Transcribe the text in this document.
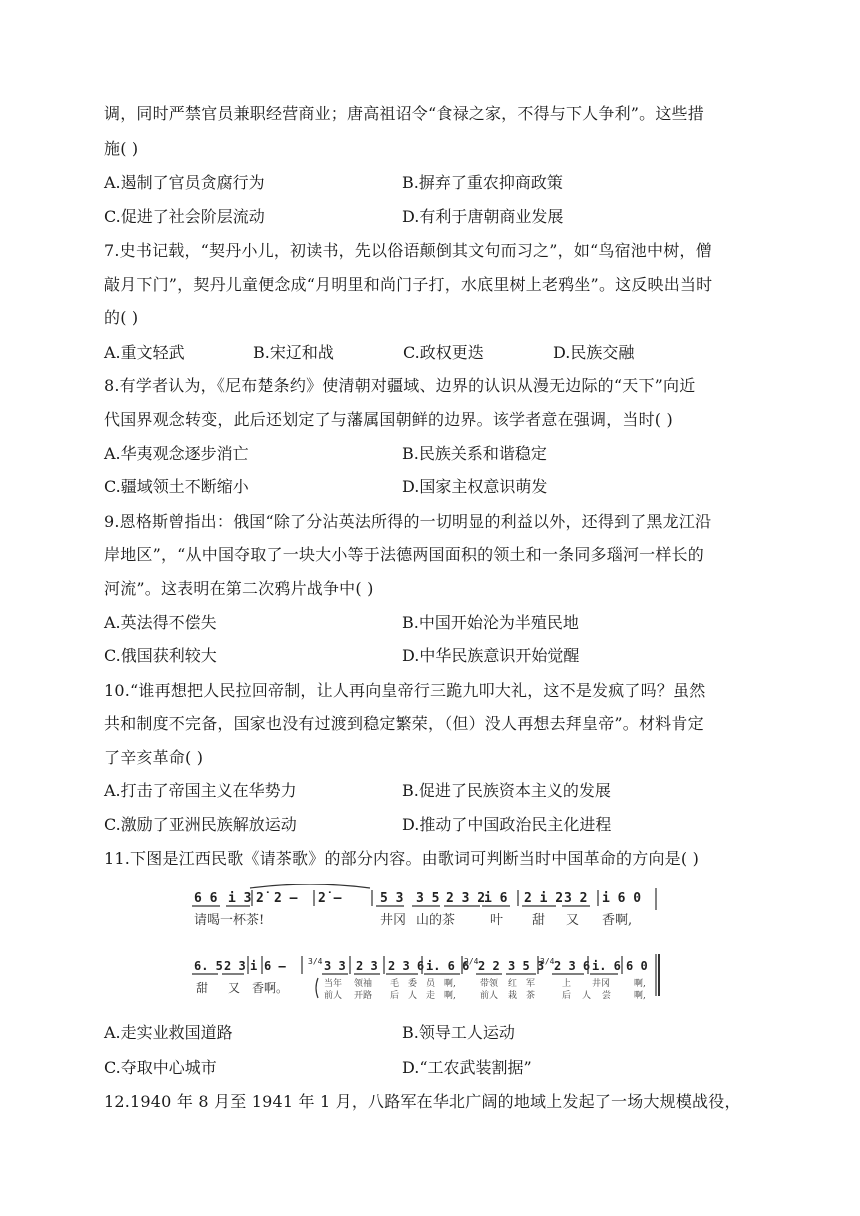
调，同时严禁官员兼职经营商业；唐高祖诏令“食禄之家，不得与下人争利”。这些措
施( )
A.遏制了官员贪腐行为	B.摒弃了重农抑商政策
C.促进了社会阶层流动	D.有利于唐朝商业发展
7.史书记载，“契丹小儿，初读书，先以俗语颠倒其文句而习之”，如“鸟宿池中树，僧
敲月下门”，契丹儿童便念成“月明里和尚门子打，水底里树上老鸦坐”。这反映出当时
的( )
A.重文轻武	B.宋辽和战	C.政权更迭	D.民族交融
8.有学者认为，《尼布楚条约》使清朝对疆域、边界的认识从漫无边际的“天下”向近
代国界观念转变，此后还划定了与藩属国朝鲜的边界。该学者意在强调，当时( )
A.华夷观念逐步消亡	B.民族关系和谐稳定
C.疆域领土不断缩小	D.国家主权意识萌发
9.恩格斯曾指出：俄国“除了分沾英法所得的一切明显的利益以外，还得到了黑龙江沿
岸地区”，“从中国夺取了一块大小等于法德两国面积的领土和一条同多瑙河一样长的
河流”。这表明在第二次鸦片战争中( )
A.英法得不偿失	B.中国开始沦为半殖民地
C.俄国获利较大	D.中华民族意识开始觉醒
10.“谁再想把人民拉回帝制，让人再向皇帝行三跪九叩大礼，这不是发疯了吗？虽然
共和制度不完备，国家也没有过渡到稳定繁荣，（但）没人再想去拜皇帝”。材料肯定
了辛亥革命( )
A.打击了帝国主义在华势力	B.促进了民族资本主义的发展
C.激励了亚洲民族解放运动	D.推动了中国政治民主化进程
11.下图是江西民歌《请茶歌》的部分内容。由歌词可判断当时中国革命的方向是( )
6 6 i 3 2̇ 2 – 2̇ –	5 3 3 5 2 3 2
i 6 2 i 2 3 2 i 6 0
请喝一杯茶!	井冈 山的茶	叶 甜 又 香啊,
6. 5 2 3 i 6 –	3 3 2 3 2 3 6 i. 6 6 2 2 3 5 3 2 3 6 i. 6 6 0
3/4	2/4	3/4
甜 又 香啊。	当年 领袖 毛 委 员 啊,	带领 红 军	上 井冈	啊,
前人 开路 后 人 走 啊,	前人 栽 茶	后 人 尝	啊,
A.走实业救国道路	B.领导工人运动
C.夺取中心城市	D.“工农武装割据”
12.1940 年 8 月至 1941 年 1 月，八路军在华北广阔的地域上发起了一场大规模战役，
